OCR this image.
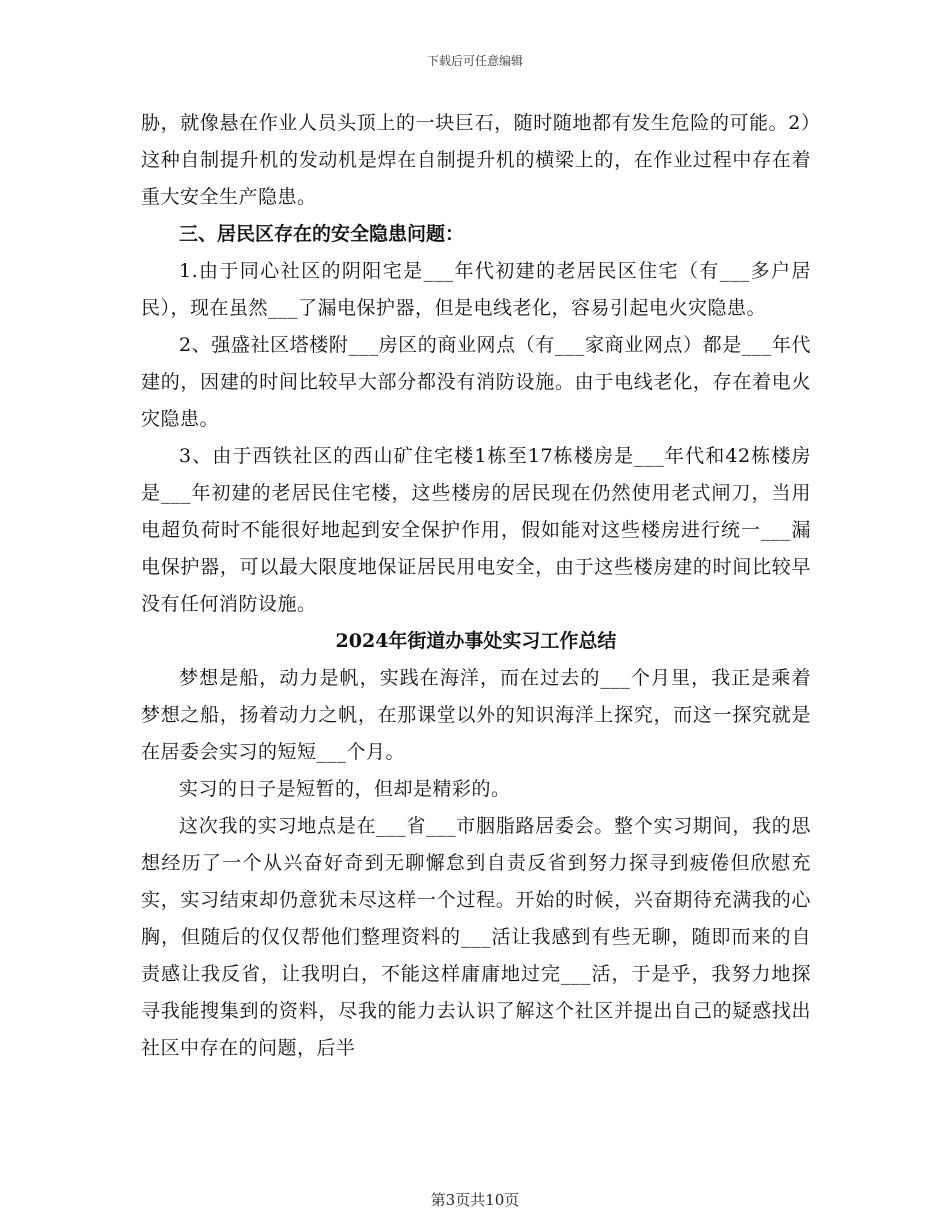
下载后可任意编辑

胁，就像悬在作业人员头顶上的一块巨石，随时随地都有发生危险的可能。2）这种自制提升机的发动机是焊在自制提升机的横梁上的，在作业过程中存在着重大安全生产隐患。

三、居民区存在的安全隐患问题：

1.由于同心社区的阴阳宅是___年代初建的老居民区住宅（有___多户居民），现在虽然___了漏电保护器，但是电线老化，容易引起电火灾隐患。

2、强盛社区塔楼附___房区的商业网点（有___家商业网点）都是___年代建的，因建的时间比较早大部分都没有消防设施。由于电线老化，存在着电火灾隐患。

3、由于西铁社区的西山矿住宅楼1栋至17栋楼房是___年代和42栋楼房是___年初建的老居民住宅楼，这些楼房的居民现在仍然使用老式闸刀，当用电超负荷时不能很好地起到安全保护作用，假如能对这些楼房进行统一___漏电保护器，可以最大限度地保证居民用电安全，由于这些楼房建的时间比较早没有任何消防设施。

2024年街道办事处实习工作总结

梦想是船，动力是帆，实践在海洋，而在过去的___个月里，我正是乘着梦想之船，扬着动力之帆，在那课堂以外的知识海洋上探究，而这一探究就是在居委会实习的短短___个月。

实习的日子是短暂的，但却是精彩的。

这次我的实习地点是在___省___市胭脂路居委会。整个实习期间，我的思想经历了一个从兴奋好奇到无聊懈怠到自责反省到努力探寻到疲倦但欣慰充实，实习结束却仍意犹未尽这样一个过程。开始的时候，兴奋期待充满我的心胸，但随后的仅仅帮他们整理资料的___活让我感到有些无聊，随即而来的自责感让我反省，让我明白，不能这样庸庸地过完___活，于是乎，我努力地探寻我能搜集到的资料，尽我的能力去认识了解这个社区并提出自己的疑惑找出社区中存在的问题，后半

第3页共10页
